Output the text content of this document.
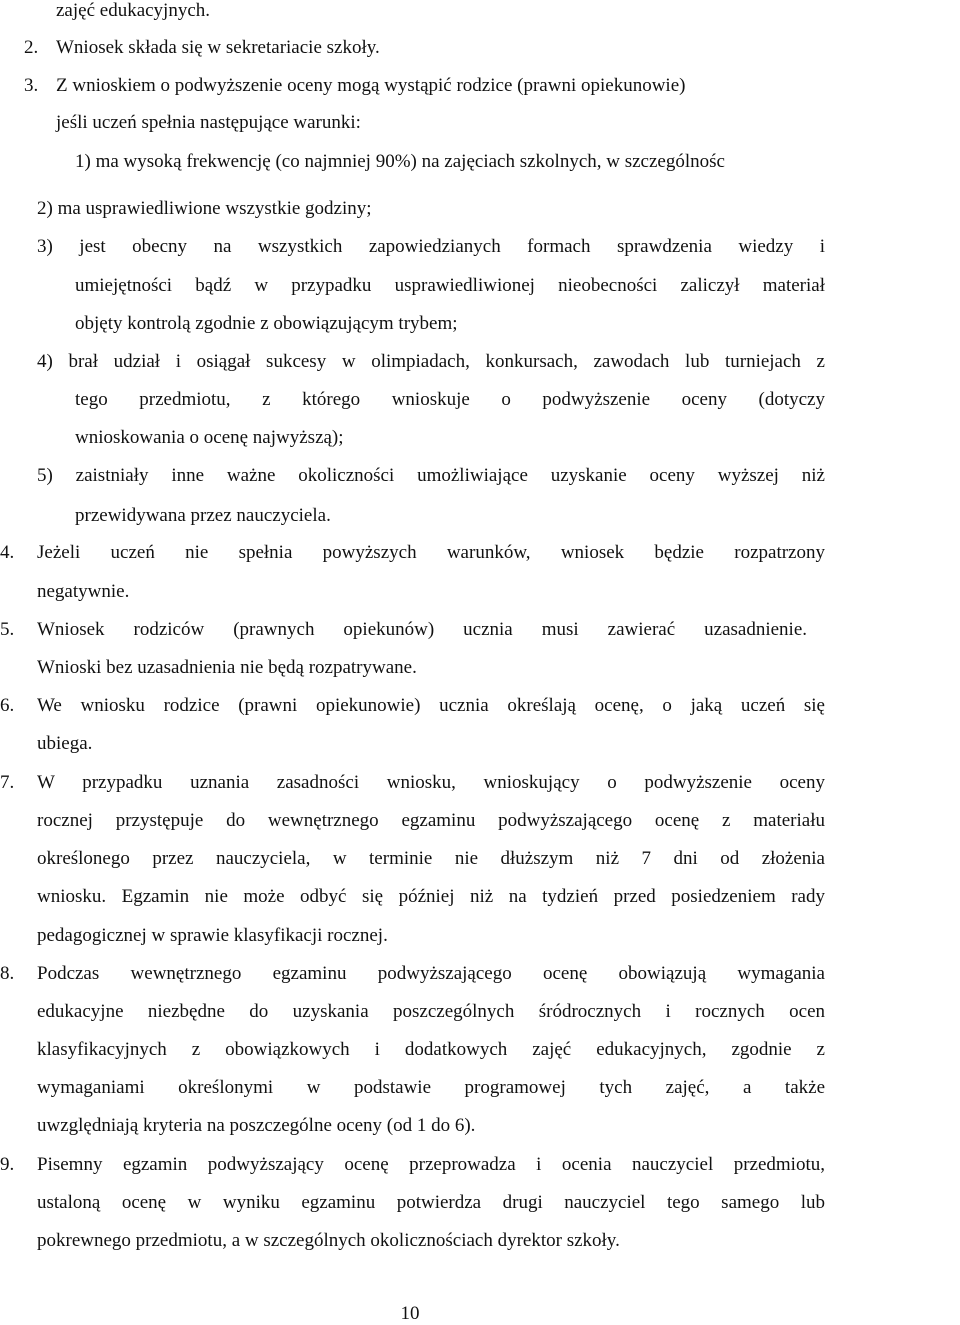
zajęć edukacyjnych.
2. Wniosek składa się w sekretariacie szkoły.
3. Z wnioskiem o podwyższenie oceny mogą wystąpić rodzice (prawni opiekunowie)
jeśli uczeń spełnia następujące warunki:
1) ma wysoką frekwencję (co najmniej 90%) na zajęciach szkolnych, w szczególnośc
2) ma usprawiedliwione wszystkie godziny;
3) jest obecny na wszystkich zapowiedzianych formach sprawdzenia wiedzy i
umiejętności bądź w przypadku usprawiedliwionej nieobecności zaliczył materiał
objęty kontrolą zgodnie z obowiązującym trybem;
4) brał udział i osiągał sukcesy w olimpiadach, konkursach, zawodach lub turniejach z
tego przedmiotu, z którego wnioskuje o podwyższenie oceny (dotyczy
wnioskowania o ocenę najwyższą);
5) zaistniały inne ważne okoliczności umożliwiające uzyskanie oceny wyższej niż
przewidywana przez nauczyciela.
4. Jeżeli uczeń nie spełnia powyższych warunków, wniosek będzie rozpatrzony
negatywnie.
5. Wniosek rodziców (prawnych opiekunów) ucznia musi zawierać uzasadnienie.
Wnioski bez uzasadnienia nie będą rozpatrywane.
6. We wniosku rodzice (prawni opiekunowie) ucznia określają ocenę, o jaką uczeń się
ubiega.
7. W przypadku uznania zasadności wniosku, wnioskujący o podwyższenie oceny
rocznej przystępuje do wewnętrznego egzaminu podwyższającego ocenę z materiału
określonego przez nauczyciela, w terminie nie dłuższym niż 7 dni od złożenia
wniosku. Egzamin nie może odbyć się później niż na tydzień przed posiedzeniem rady
pedagogicznej w sprawie klasyfikacji rocznej.
8. Podczas wewnętrznego egzaminu podwyższającego ocenę obowiązują wymagania
edukacyjne niezbędne do uzyskania poszczególnych śródrocznych i rocznych ocen
klasyfikacyjnych z obowiązkowych i dodatkowych zajęć edukacyjnych, zgodnie z
wymaganiami określonymi w podstawie programowej tych zajęć, a także
uwzględniają kryteria na poszczególne oceny (od 1 do 6).
9. Pisemny egzamin podwyższający ocenę przeprowadza i ocenia nauczyciel przedmiotu,
ustaloną ocenę w wyniku egzaminu potwierdza drugi nauczyciel tego samego lub
pokrewnego przedmiotu, a w szczególnych okolicznościach dyrektor szkoły.
10
